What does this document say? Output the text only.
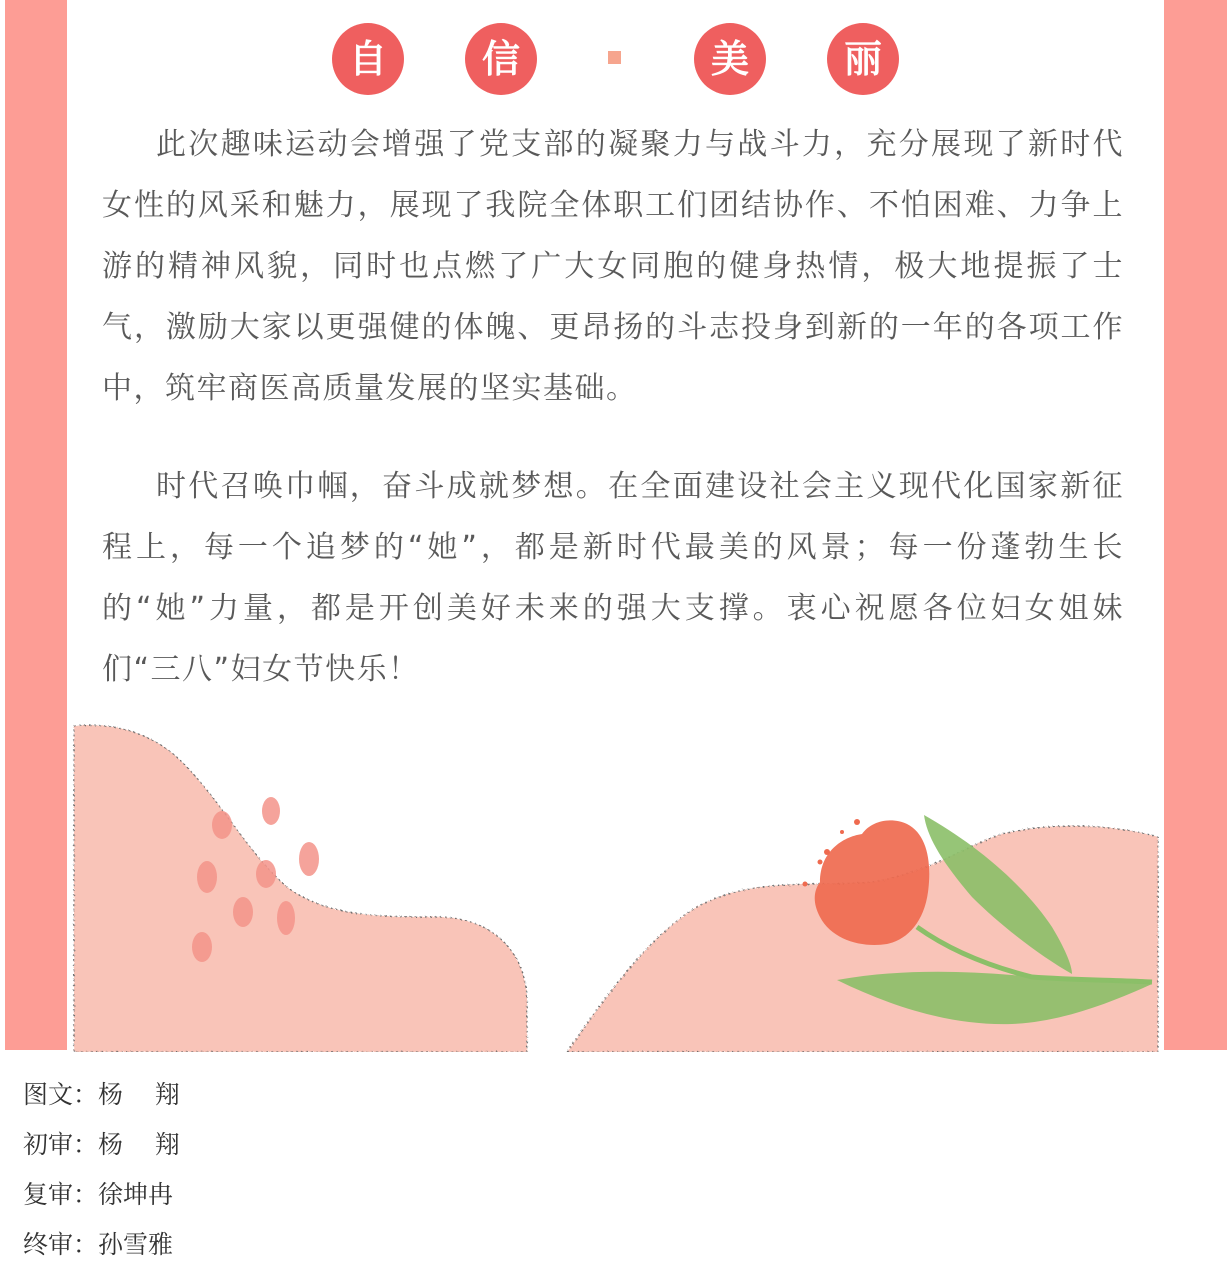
自	信	美	丽

此次趣味运动会增强了党支部的凝聚力与战斗力，充分展现了新时代女性的风采和魅力，展现了我院全体职工们团结协作、不怕困难、力争上游的精神风貌，同时也点燃了广大女同胞的健身热情，极大地提振了士气，激励大家以更强健的体魄、更昂扬的斗志投身到新的一年的各项工作中，筑牢商医高质量发展的坚实基础。

时代召唤巾帼，奋斗成就梦想。在全面建设社会主义现代化国家新征程上，每一个追梦的“她”，都是新时代最美的风景；每一份蓬勃生长的“她”力量，都是开创美好未来的强大支撑。衷心祝愿各位妇女姐妹们“三八”妇女节快乐！

图文：杨    翔
初审：杨    翔
复审：徐坤冉
终审：孙雪雅
